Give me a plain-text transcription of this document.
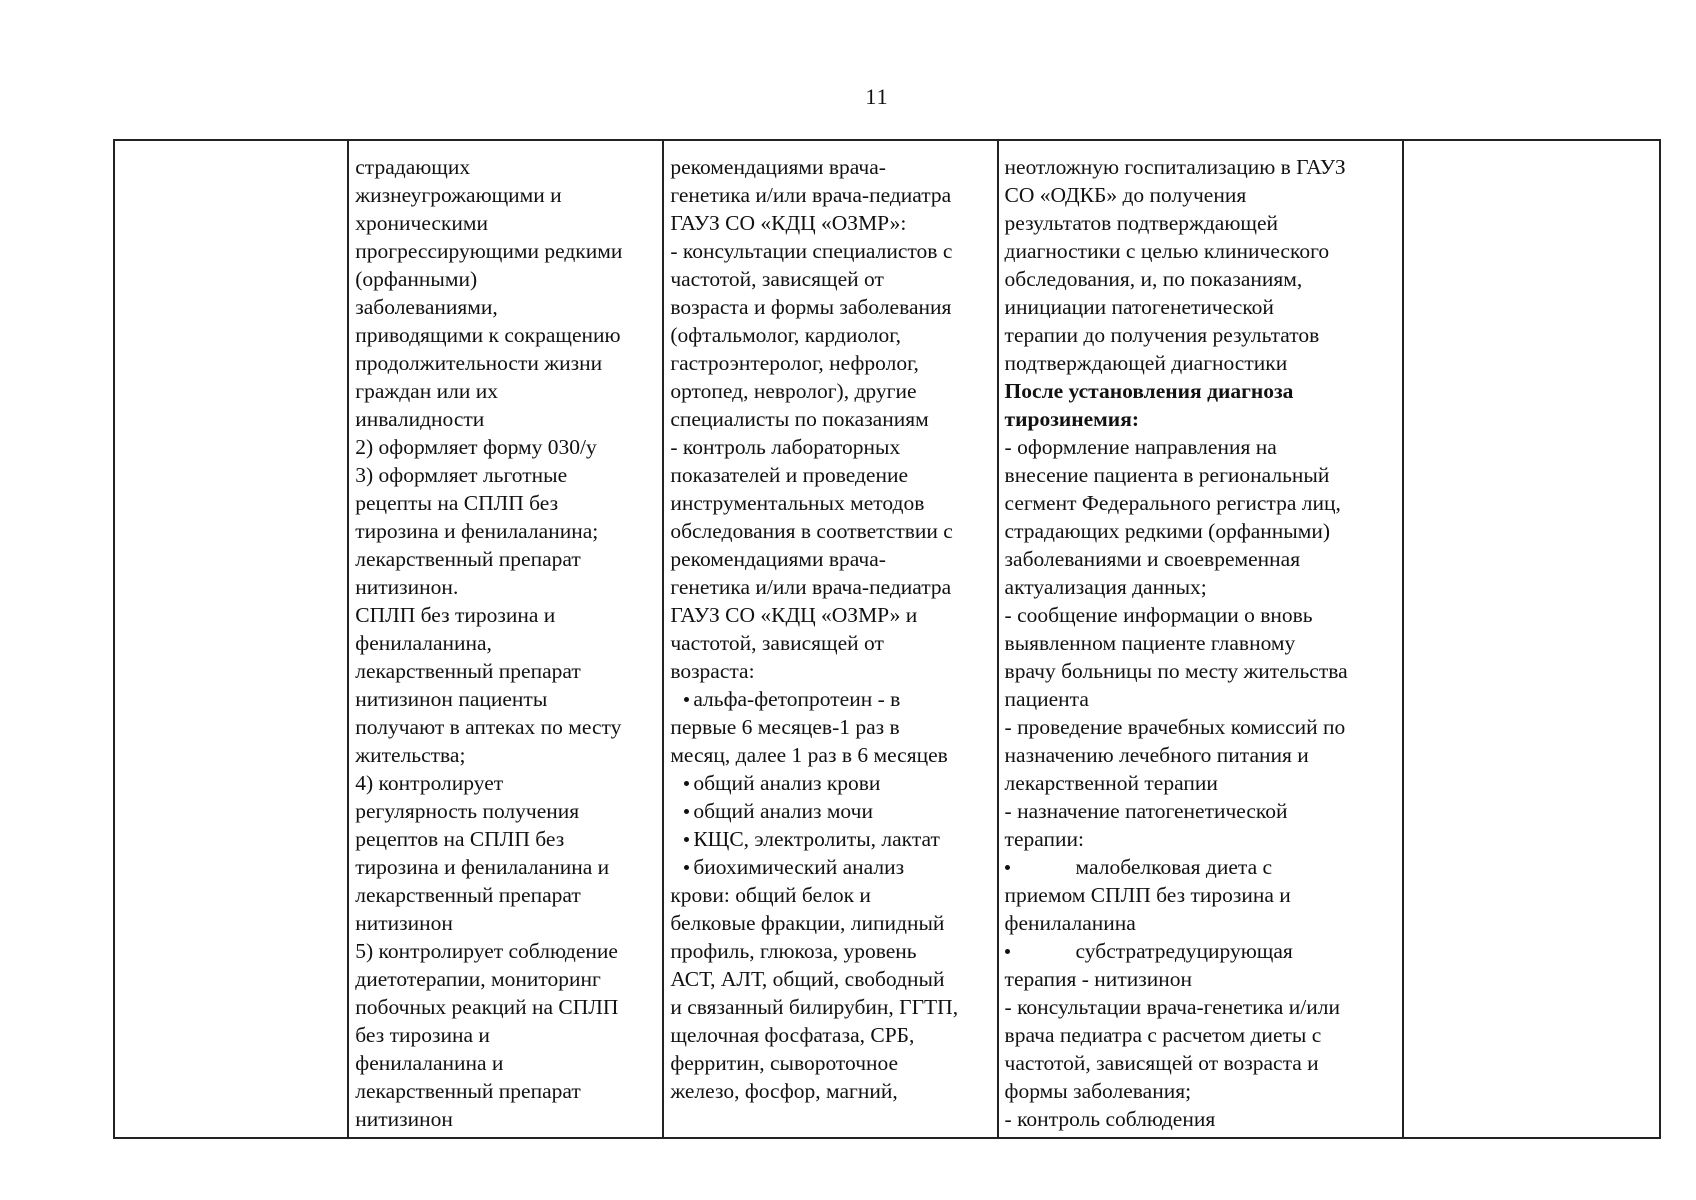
11

страдающих
жизнеугрожающими и
хроническими
прогрессирующими редкими
(орфанными)
заболеваниями,
приводящими к сокращению
продолжительности жизни
граждан или их
инвалидности
2) оформляет форму 030/у
3) оформляет льготные
рецепты на СПЛП без
тирозина и фенилаланина;
лекарственный препарат
нитизинон.
СПЛП без тирозина и
фенилаланина,
лекарственный препарат
нитизинон пациенты
получают в аптеках по месту
жительства;
4) контролирует
регулярность получения
рецептов на СПЛП без
тирозина и фенилаланина и
лекарственный препарат
нитизинон
5) контролирует соблюдение
диетотерапии, мониторинг
побочных реакций на СПЛП
без тирозина и
фенилаланина и
лекарственный препарат
нитизинон

рекомендациями врача-
генетика и/или врача-педиатра
ГАУЗ СО «КДЦ «ОЗМР»:
- консультации специалистов с
частотой, зависящей от
возраста и формы заболевания
(офтальмолог, кардиолог,
гастроэнтеролог, нефролог,
ортопед, невролог), другие
специалисты по показаниям
- контроль лабораторных
показателей и проведение
инструментальных методов
обследования в соответствии с
рекомендациями врача-
генетика и/или врача-педиатра
ГАУЗ СО «КДЦ «ОЗМР» и
частотой, зависящей от
возраста:
альфа-фетопротеин - в
первые 6 месяцев-1 раз в
месяц, далее 1 раз в 6 месяцев
общий анализ крови
общий анализ мочи
КЩС, электролиты, лактат
биохимический анализ
крови: общий белок и
белковые фракции, липидный
профиль, глюкоза, уровень
АСТ, АЛТ, общий, свободный
и связанный билирубин, ГГТП,
щелочная фосфатаза, СРБ,
ферритин, сывороточное
железо, фосфор, магний,

неотложную госпитализацию в ГАУЗ
СО «ОДКБ» до получения
результатов подтверждающей
диагностики с целью клинического
обследования, и, по показаниям,
инициации патогенетической
терапии до получения результатов
подтверждающей диагностики
После установления диагноза
тирозинемия:
- оформление направления на
внесение пациента в региональный
сегмент Федерального регистра лиц,
страдающих редкими (орфанными)
заболеваниями и своевременная
актуализация данных;
- сообщение информации о вновь
выявленном пациенте главному
врачу больницы по месту жительства
пациента
- проведение врачебных комиссий по
назначению лечебного питания и
лекарственной терапии
- назначение патогенетической
терапии:
малобелковая диета с
приемом СПЛП без тирозина и
фенилаланина
субстратредуцирующая
терапия - нитизинон
- консультации врача-генетика и/или
врача педиатра с расчетом диеты с
частотой, зависящей от возраста и
формы заболевания;
- контроль соблюдения
